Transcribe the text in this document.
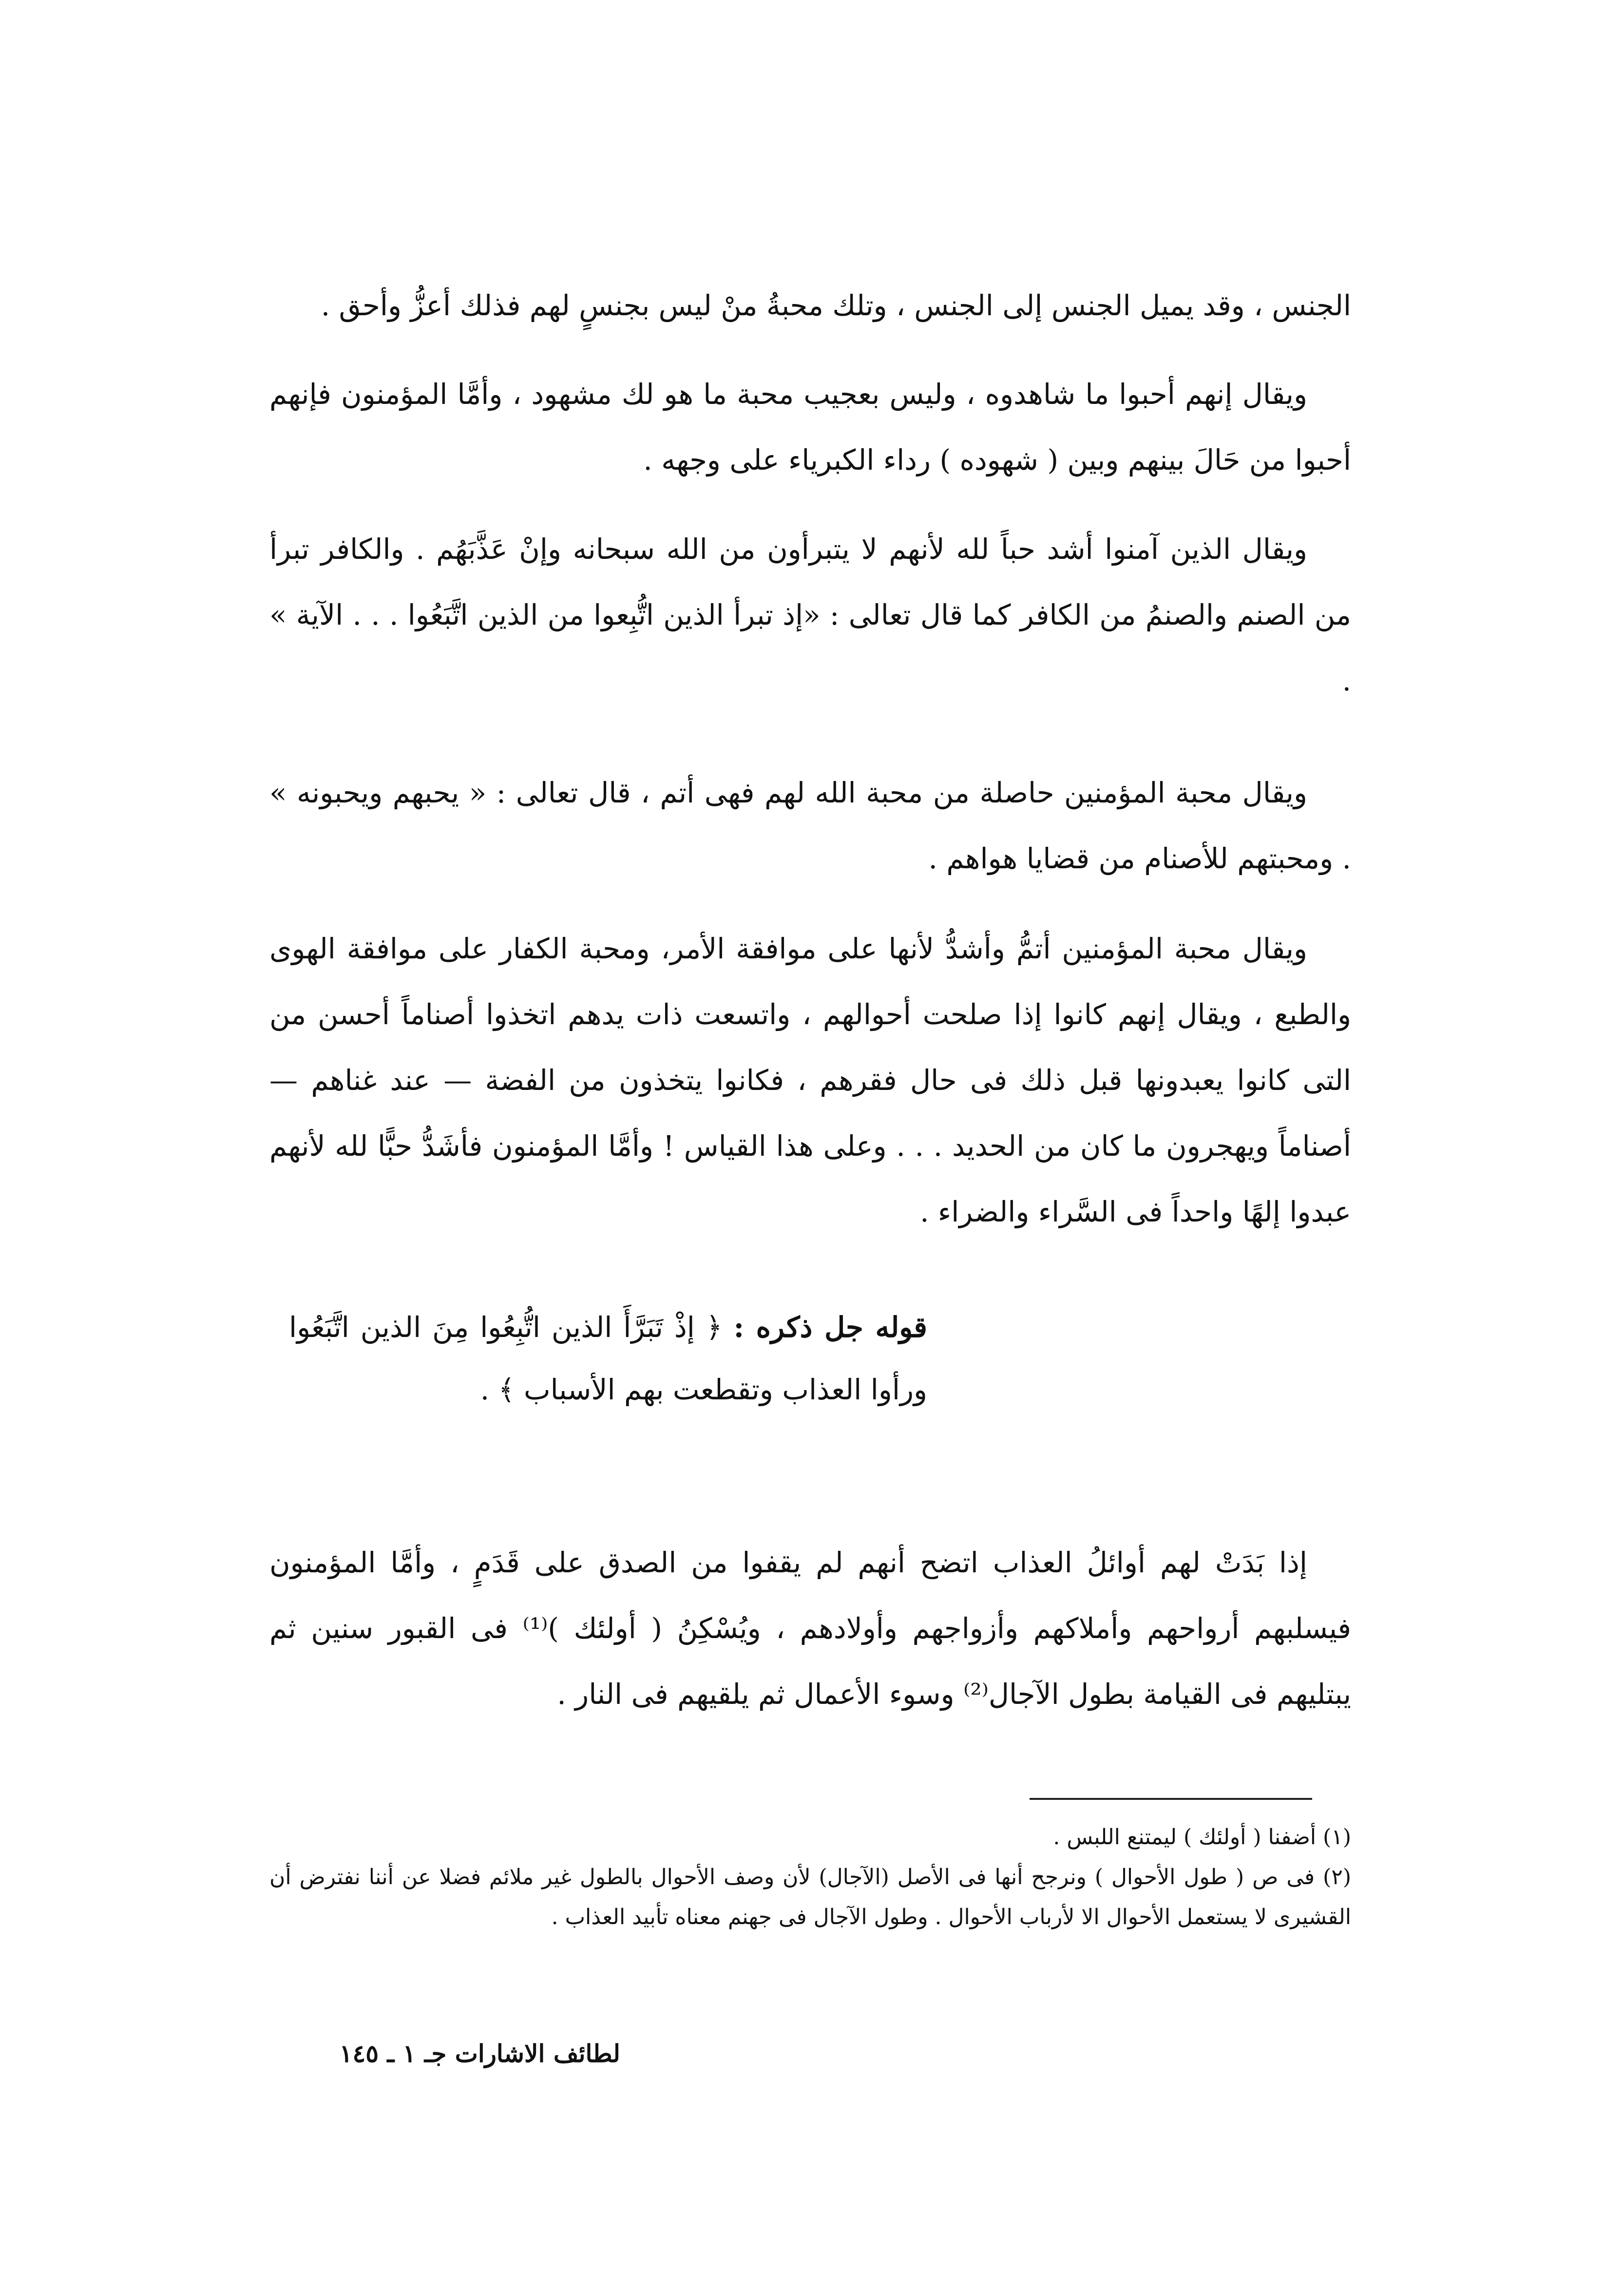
الجنس ، وقد يميل الجنس إلى الجنس ، وتلك محبةُ منْ ليس بجنسٍ لهم فذلك أعزُّ وأحق .

ويقال إنهم أحبوا ما شاهدوه ، وليس بعجيب محبة ما هو لك مشهود ، وأمَّا المؤمنون فإنهم أحبوا من حَالَ بينهم وبين ( شهوده ) رداء الكبرياء على وجهه .

ويقال الذين آمنوا أشد حباً لله لأنهم لا يتبرأون من الله سبحانه وإنْ عَذَّبَهُم . والكافر تبرأ من الصنم والصنمُ من الكافر كما قال تعالى : «إذ تبرأ الذين اتُّبِعوا من الذين اتَّبَعُوا . . . الآية » .

ويقال محبة المؤمنين حاصلة من محبة الله لهم فهى أتم ، قال تعالى : « يحبهم ويحبونه » . ومحبتهم للأصنام من قضايا هواهم .

ويقال محبة المؤمنين أتمُّ وأشدُّ لأنها على موافقة الأمر، ومحبة الكفار على موافقة الهوى والطبع ، ويقال إنهم كانوا إذا صلحت أحوالهم ، واتسعت ذات يدهم اتخذوا أصناماً أحسن من التى كانوا يعبدونها قبل ذلك فى حال فقرهم ، فكانوا يتخذون من الفضة — عند غناهم — أصناماً ويهجرون ما كان من الحديد . . . وعلى هذا القياس ! وأمَّا المؤمنون فأشَدُّ حبًّا لله لأنهم عبدوا إلهًا واحداً فى السَّراء والضراء .

قوله جل ذكره : ﴿ إذْ تَبَرَّأَ الذين اتُّبِعُوا مِنَ الذين اتَّبَعُوا ورأوا العذاب وتقطعت بهم الأسباب ﴾ .

إذا بَدَتْ لهم أوائلُ العذاب اتضح أنهم لم يقفوا من الصدق على قَدَمٍ ، وأمَّا المؤمنون فيسلبهم أرواحهم وأملاكهم وأزواجهم وأولادهم ، ويُسْكِنُ ( أولئك )⁽¹⁾ فى القبور سنين ثم يبتليهم فى القيامة بطول الآجال⁽²⁾ وسوء الأعمال ثم يلقيهم فى النار .

(١) أضفنا ( أولئك ) ليمتنع اللبس .

(٢) فى ص ( طول الأحوال ) ونرجح أنها فى الأصل (الآجال) لأن وصف الأحوال بالطول غير ملائم فضلا عن أننا نفترض أن القشيرى لا يستعمل الأحوال الا لأرباب الأحوال . وطول الآجال فى جهنم معناه تأبيد العذاب .

لطائف الاشارات جـ ١ ـ ١٤٥
